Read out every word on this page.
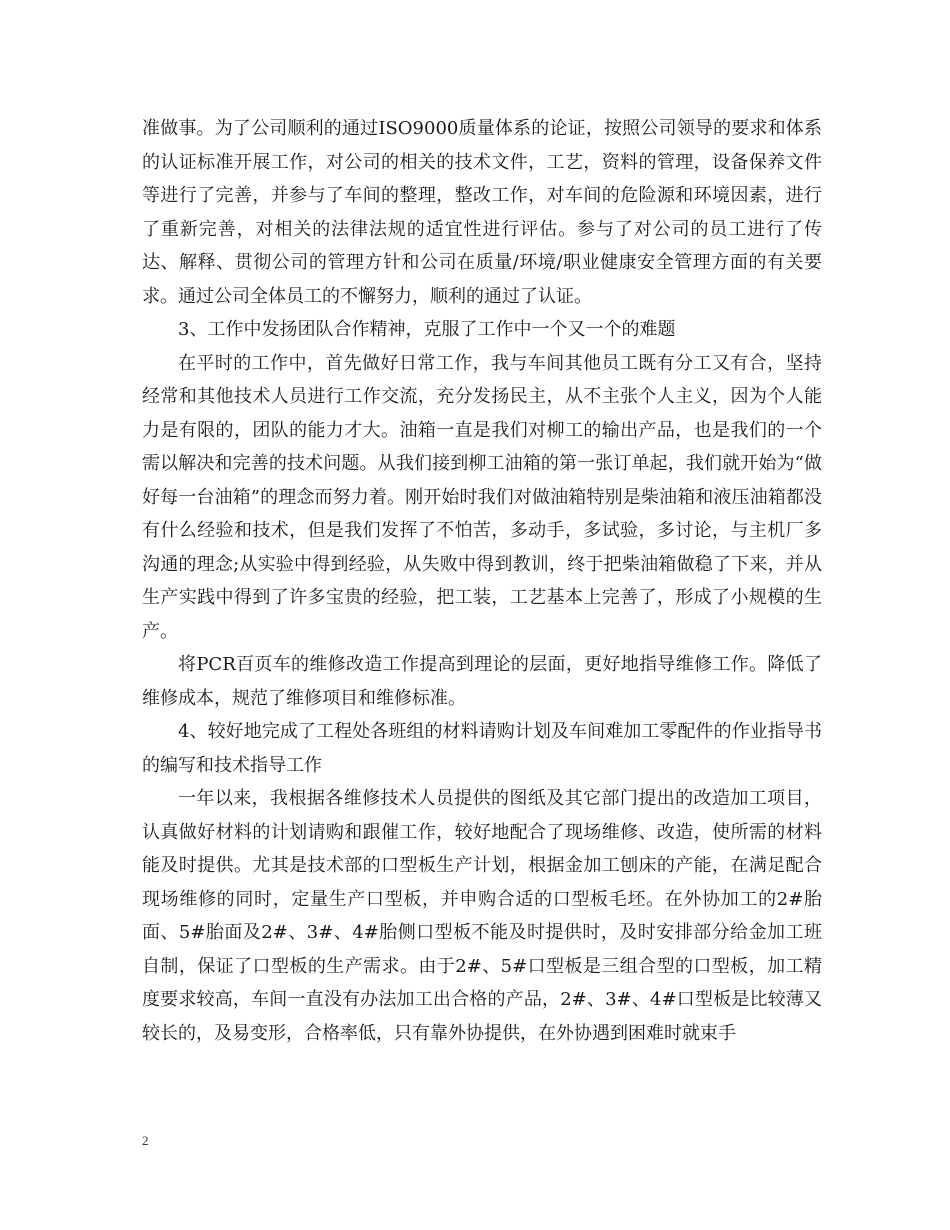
准做事。为了公司顺利的通过ISO9000质量体系的论证，按照公司领导的要求和体系的认证标准开展工作，对公司的相关的技术文件，工艺，资料的管理，设备保养文件等进行了完善，并参与了车间的整理，整改工作，对车间的危险源和环境因素，进行了重新完善，对相关的法律法规的适宜性进行评估。参与了对公司的员工进行了传达、解释、贯彻公司的管理方针和公司在质量/环境/职业健康安全管理方面的有关要求。通过公司全体员工的不懈努力，顺利的通过了认证。

3、工作中发扬团队合作精神，克服了工作中一个又一个的难题

在平时的工作中，首先做好日常工作，我与车间其他员工既有分工又有合，坚持经常和其他技术人员进行工作交流，充分发扬民主，从不主张个人主义，因为个人能力是有限的，团队的能力才大。油箱一直是我们对柳工的输出产品，也是我们的一个需以解决和完善的技术问题。从我们接到柳工油箱的第一张订单起，我们就开始为“做好每一台油箱”的理念而努力着。刚开始时我们对做油箱特别是柴油箱和液压油箱都没有什么经验和技术，但是我们发挥了不怕苦，多动手，多试验，多讨论，与主机厂多沟通的理念;从实验中得到经验，从失败中得到教训，终于把柴油箱做稳了下来，并从生产实践中得到了许多宝贵的经验，把工装，工艺基本上完善了，形成了小规模的生产。

将PCR百页车的维修改造工作提高到理论的层面，更好地指导维修工作。降低了维修成本，规范了维修项目和维修标准。

4、较好地完成了工程处各班组的材料请购计划及车间难加工零配件的作业指导书的编写和技术指导工作

一年以来，我根据各维修技术人员提供的图纸及其它部门提出的改造加工项目，认真做好材料的计划请购和跟催工作，较好地配合了现场维修、改造，使所需的材料能及时提供。尤其是技术部的口型板生产计划，根据金加工刨床的产能，在满足配合现场维修的同时，定量生产口型板，并申购合适的口型板毛坯。在外协加工的2#胎面、5#胎面及2#、3#、4#胎侧口型板不能及时提供时，及时安排部分给金加工班自制，保证了口型板的生产需求。由于2#、5#口型板是三组合型的口型板，加工精度要求较高，车间一直没有办法加工出合格的产品，2#、3#、4#口型板是比较薄又较长的，及易变形，合格率低，只有靠外协提供，在外协遇到困难时就束手

2
